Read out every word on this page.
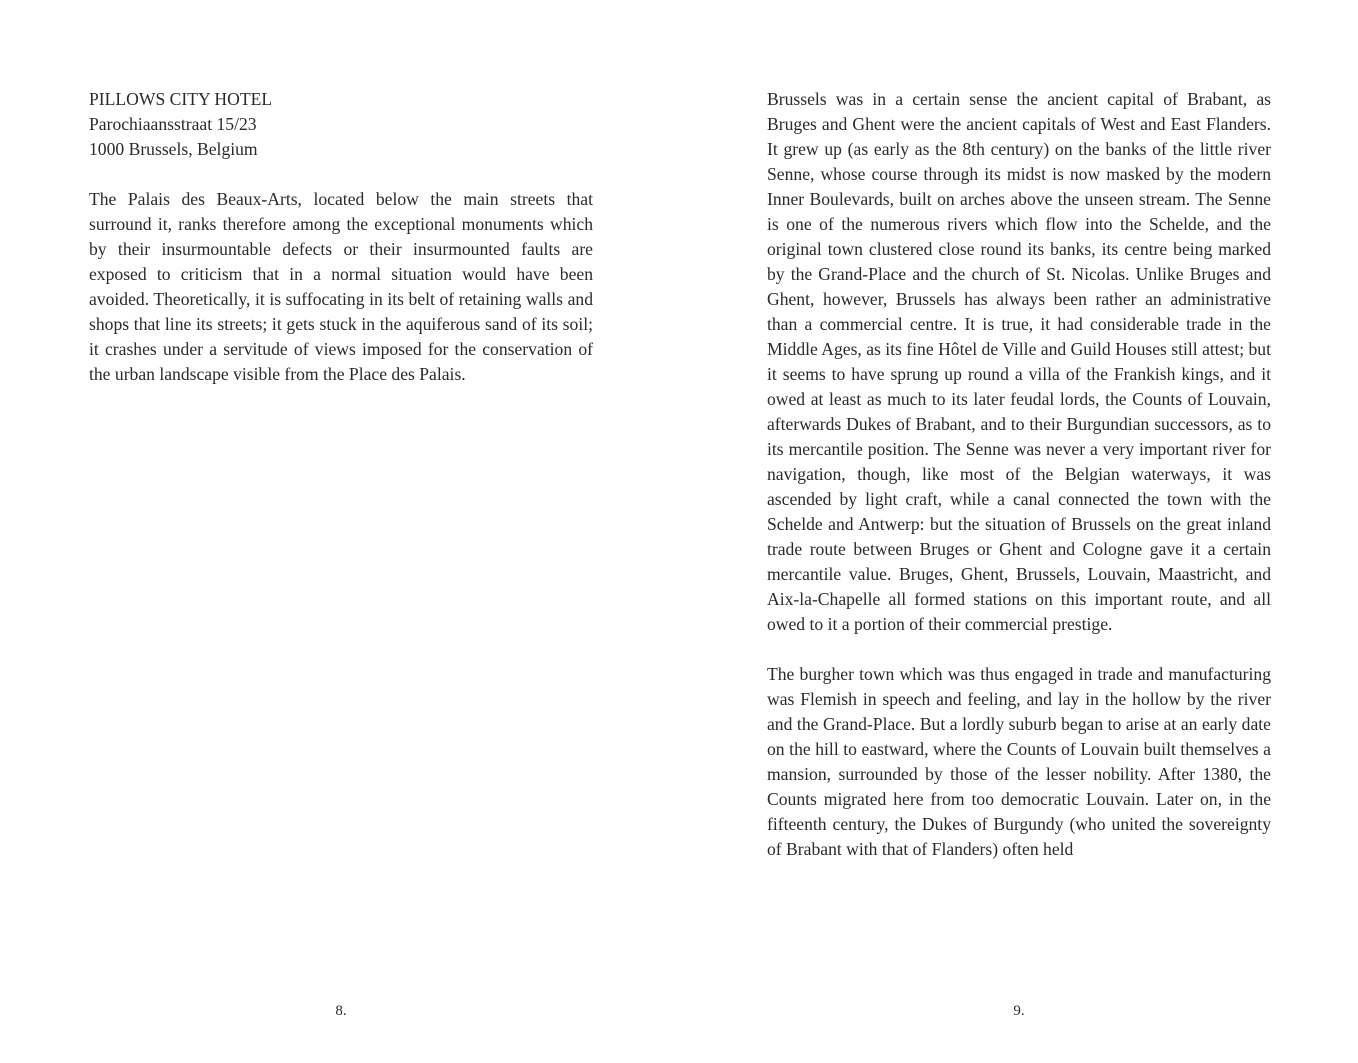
PILLOWS CITY HOTEL
Parochiaansstraat 15/23
1000 Brussels, Belgium

The Palais des Beaux-Arts, located below the main streets that surround it, ranks therefore among the exceptional monuments which by their insurmountable defects or their insurmounted faults are exposed to criticism that in a normal situation would have been avoided. Theoretically, it is suffocating in its belt of retaining walls and shops that line its streets; it gets stuck in the aquiferous sand of its soil; it crashes under a servitude of views imposed for the conservation of the urban landscape visible from the Place des Palais.

Brussels was in a certain sense the ancient capital of Brabant, as Bruges and Ghent were the ancient capitals of West and East Flanders. It grew up (as early as the 8th century) on the banks of the little river Senne, whose course through its midst is now masked by the modern Inner Boulevards, built on arches above the unseen stream. The Senne is one of the numerous rivers which flow into the Schelde, and the original town clustered close round its banks, its centre being marked by the Grand-Place and the church of St. Nicolas. Unlike Bruges and Ghent, however, Brussels has always been rather an administrative than a commercial centre. It is true, it had considerable trade in the Middle Ages, as its fine Hôtel de Ville and Guild Houses still attest; but it seems to have sprung up round a villa of the Frankish kings, and it owed at least as much to its later feudal lords, the Counts of Louvain, afterwards Dukes of Brabant, and to their Burgundian successors, as to its mercantile position. The Senne was never a very important river for navigation, though, like most of the Belgian waterways, it was ascended by light craft, while a canal connected the town with the Schelde and Antwerp: but the situation of Brussels on the great inland trade route between Bruges or Ghent and Cologne gave it a certain mercantile value. Bruges, Ghent, Brussels, Louvain, Maastricht, and Aix-la-Chapelle all formed stations on this important route, and all owed to it a portion of their commercial prestige.

The burgher town which was thus engaged in trade and manufacturing was Flemish in speech and feeling, and lay in the hollow by the river and the Grand-Place. But a lordly suburb began to arise at an early date on the hill to eastward, where the Counts of Louvain built themselves a mansion, surrounded by those of the lesser nobility. After 1380, the Counts migrated here from too democratic Louvain. Later on, in the fifteenth century, the Dukes of Burgundy (who united the sovereignty of Brabant with that of Flanders) often held

8.	9.
